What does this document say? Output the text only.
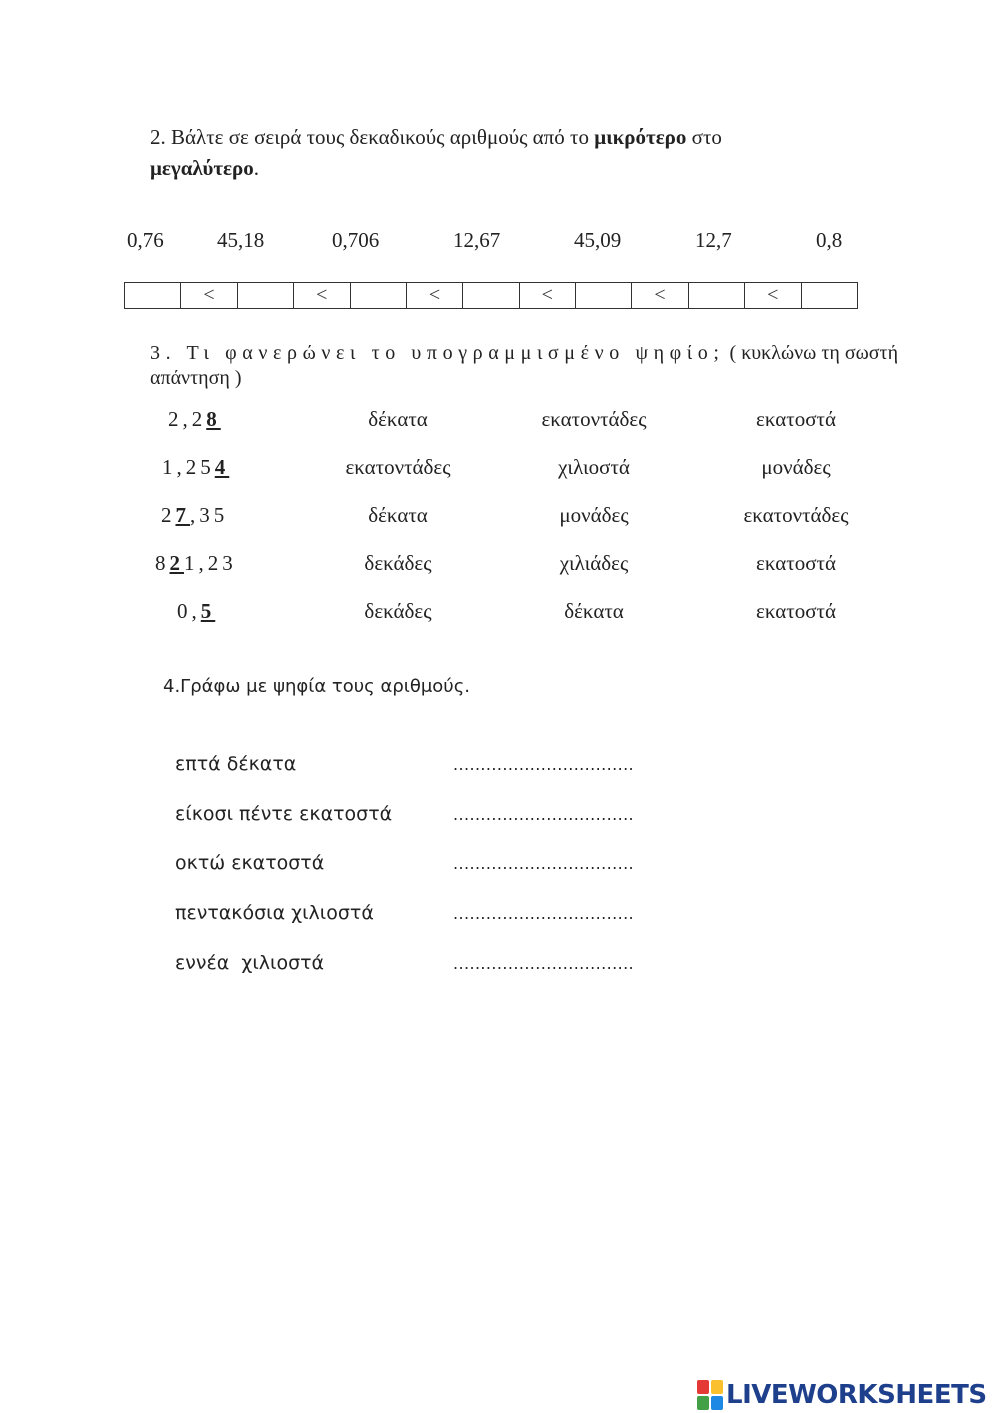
2. Βάλτε σε σειρά τους δεκαδικούς αριθμούς από το μικρότερο στο
μεγαλύτερο.
0,76	45,18	0,706	12,67	45,09	12,7	0,8
	<		<		<		<		<		<	
3. Τι φανερώνει το υπογραμμισμένο ψηφίο; ( κυκλώνω τη σωστή
απάντηση )
2,28	δέκατα	εκατοντάδες	εκατοστά
1,254	εκατοντάδες	χιλιοστά	μονάδες
27,35	δέκατα	μονάδες	εκατοντάδες
821,23	δεκάδες	χιλιάδες	εκατοστά
0,5	δεκάδες	δέκατα	εκατοστά
4.Γράφω με ψηφία τους αριθμούς.
επτά δέκατα	.................................
είκοσι πέντε εκατοστά	.................................
οκτώ εκατοστά	.................................
πεντακόσια χιλιοστά	.................................
εννέα  χιλιοστά	.................................
LIVEWORKSHEETS
